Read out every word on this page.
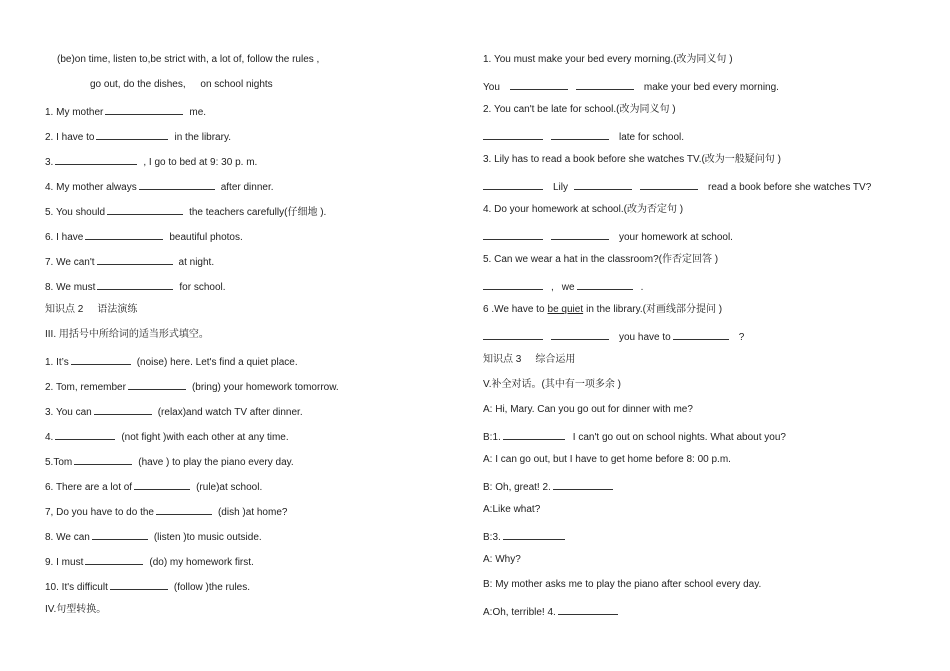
(be)on time, listen to,be strict with, a lot of, follow the rules ,
go out, do the dishes, on school nights
1. My mother	me.
2. I have to	in the library.
3.	, I go to bed at 9: 30 p. m.
4. My mother always	after dinner.
5. You should	the teachers carefully(仔细地 ).
6. I have	beautiful photos.
7. We can't	at night.
8. We must	for school.
知识点 2 语法演练
III. 用括号中所给词的适当形式填空。
1. It’s	(noise) here. Let's find a quiet place.
2. Tom, remember	(bring) your homework tomorrow.
3. You can	(relax)and watch TV after dinner.
4.	(not fight )with each other at any time.
5.Tom	(have ) to play the piano every day.
6. There are a lot of	(rule)at school.
7, Do you have to do the	(dish )at home?
8. We can	(listen )to music outside.
9. I must	(do) my homework first.
10. It's difficult	(follow )the rules.
IV.句型转换。
1. You must make your bed every morning.(改为同义句 )
You	make your bed every morning.
2. You can't be late for school.(改为同义句 )
late for school.
3. Lily has to read a book before she watches TV.(改为一般疑问句 )
Lily	read a book before she watches TV?
4. Do your homework at school.(改为否定句 )
your homework at school.
5. Can we wear a hat in the classroom?(作否定回答 )
, we	.
6 .We have to be quiet in the library.(对画线部分提问 )
you have to	?
知识点 3 综合运用
V.补全对话。(其中有一项多余 )
A: Hi, Mary. Can you go out for dinner with me?
B:1.	I can't go out on school nights. What about you?
A: I can go out, but I have to get home before 8: 00 p.m.
B: Oh, great! 2.
A:Like what?
B:3.
A: Why?
B: My mother asks me to play the piano after school every day.
A:Oh, terrible! 4.
